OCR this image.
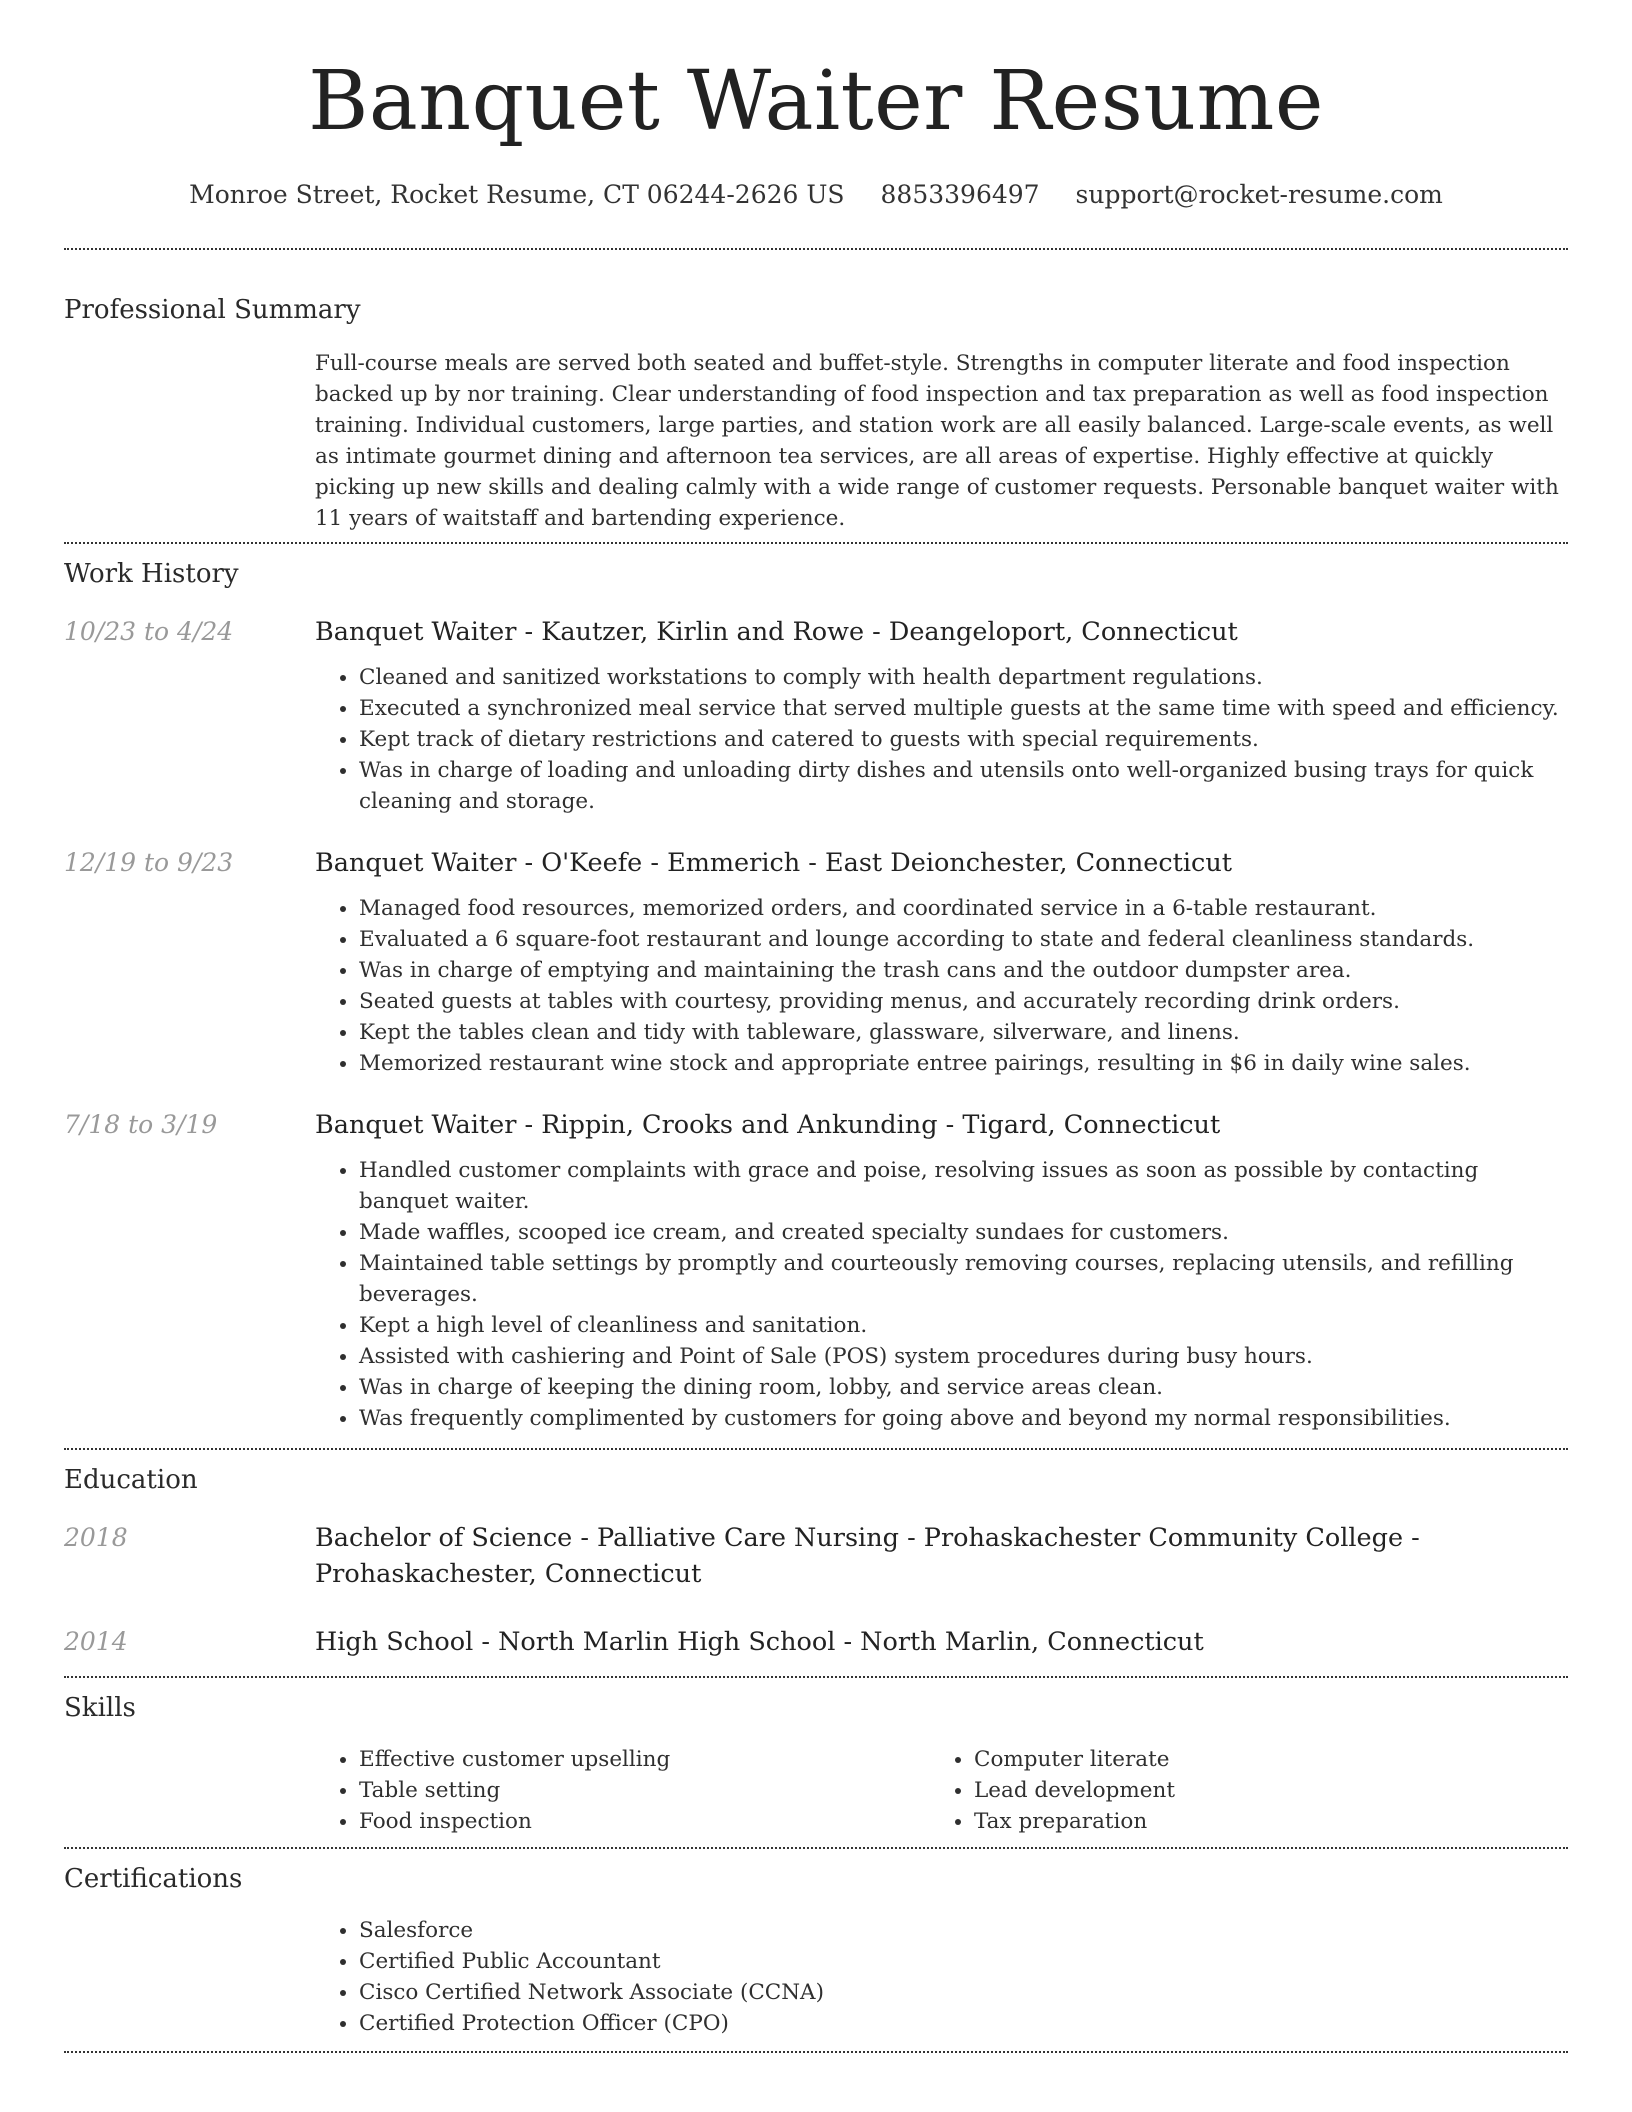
Banquet Waiter Resume
Monroe Street, Rocket Resume, CT 06244-2626 US 8853396497 support@rocket-resume.com
Professional Summary
Full-course meals are served both seated and buffet-style. Strengths in computer literate and food inspection backed up by nor training. Clear understanding of food inspection and tax preparation as well as food inspection training. Individual customers, large parties, and station work are all easily balanced. Large-scale events, as well as intimate gourmet dining and afternoon tea services, are all areas of expertise. Highly effective at quickly picking up new skills and dealing calmly with a wide range of customer requests. Personable banquet waiter with 11 years of waitstaff and bartending experience.
Work History
10/23 to 4/24	Banquet Waiter - Kautzer, Kirlin and Rowe - Deangeloport, Connecticut
• Cleaned and sanitized workstations to comply with health department regulations.
• Executed a synchronized meal service that served multiple guests at the same time with speed and efficiency.
• Kept track of dietary restrictions and catered to guests with special requirements.
• Was in charge of loading and unloading dirty dishes and utensils onto well-organized busing trays for quick cleaning and storage.
12/19 to 9/23	Banquet Waiter - O'Keefe - Emmerich - East Deionchester, Connecticut
• Managed food resources, memorized orders, and coordinated service in a 6-table restaurant.
• Evaluated a 6 square-foot restaurant and lounge according to state and federal cleanliness standards.
• Was in charge of emptying and maintaining the trash cans and the outdoor dumpster area.
• Seated guests at tables with courtesy, providing menus, and accurately recording drink orders.
• Kept the tables clean and tidy with tableware, glassware, silverware, and linens.
• Memorized restaurant wine stock and appropriate entree pairings, resulting in $6 in daily wine sales.
7/18 to 3/19	Banquet Waiter - Rippin, Crooks and Ankunding - Tigard, Connecticut
• Handled customer complaints with grace and poise, resolving issues as soon as possible by contacting banquet waiter.
• Made waffles, scooped ice cream, and created specialty sundaes for customers.
• Maintained table settings by promptly and courteously removing courses, replacing utensils, and refilling beverages.
• Kept a high level of cleanliness and sanitation.
• Assisted with cashiering and Point of Sale (POS) system procedures during busy hours.
• Was in charge of keeping the dining room, lobby, and service areas clean.
• Was frequently complimented by customers for going above and beyond my normal responsibilities.
Education
2018	Bachelor of Science - Palliative Care Nursing - Prohaskachester Community College - Prohaskachester, Connecticut
2014	High School - North Marlin High School - North Marlin, Connecticut
Skills
• Effective customer upselling
• Table setting
• Food inspection
• Computer literate
• Lead development
• Tax preparation
Certifications
• Salesforce
• Certified Public Accountant
• Cisco Certified Network Associate (CCNA)
• Certified Protection Officer (CPO)
